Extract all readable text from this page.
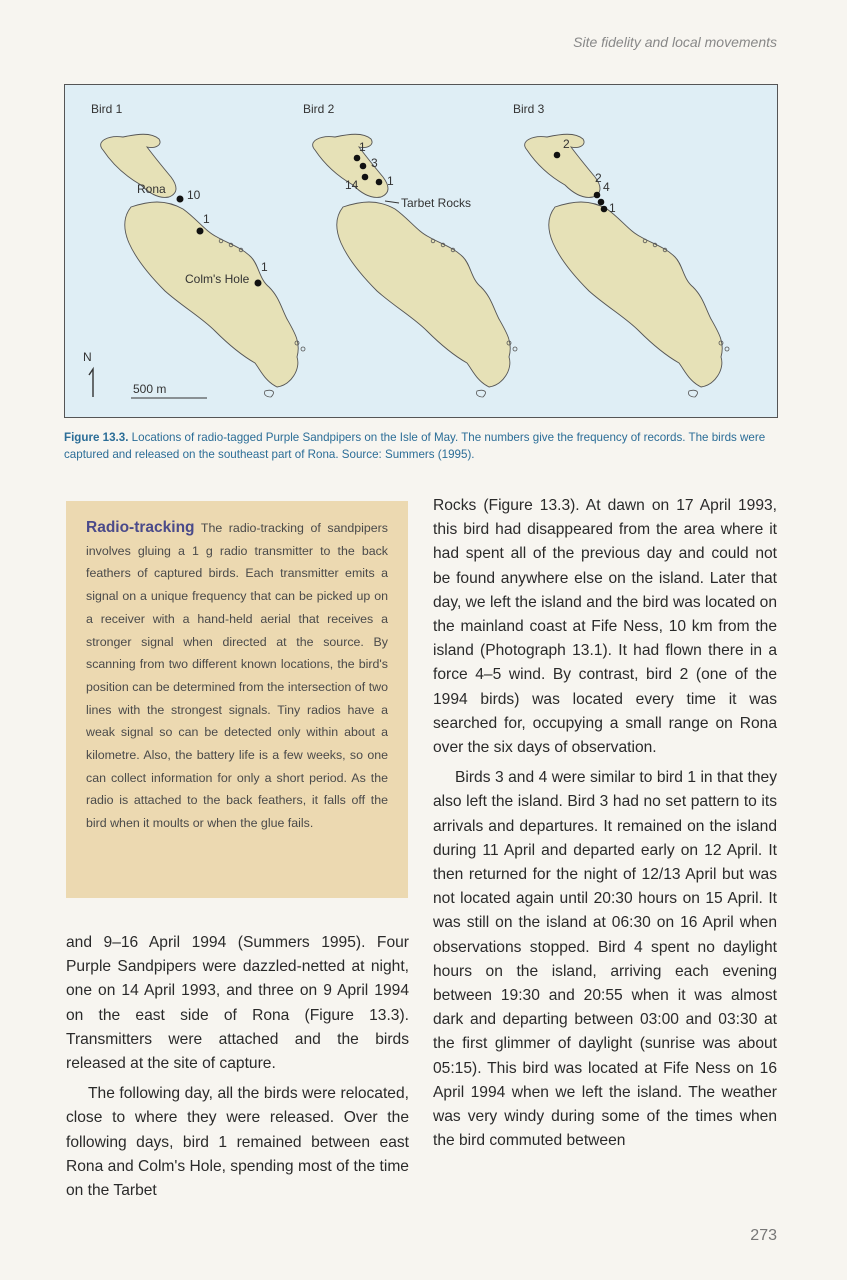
Site fidelity and local movements
Bird 1
Rona
Colm's Hole
10
1
1
N
500 m
Bird 2
1
3
14 1
Tarbet Rocks
Bird 3
2
2
4
1
Figure 13.3. Locations of radio-tagged Purple Sandpipers on the Isle of May. The numbers give the frequency of records. The birds were captured and released on the southeast part of Rona. Source: Summers (1995).
Radio-tracking The radio-tracking of sandpipers involves gluing a 1 g radio transmitter to the back feathers of captured birds. Each transmitter emits a signal on a unique frequency that can be picked up on a receiver with a hand-held aerial that receives a stronger signal when directed at the source. By scanning from two different known locations, the bird's position can be determined from the intersection of two lines with the strongest signals. Tiny radios have a weak signal so can be detected only within about a kilometre. Also, the battery life is a few weeks, so one can collect information for only a short period. As the radio is attached to the back feathers, it falls off the bird when it moults or when the glue fails.

and 9–16 April 1994 (Summers 1995). Four Purple Sandpipers were dazzled-netted at night, one on 14 April 1993, and three on 9 April 1994 on the east side of Rona (Figure 13.3). Transmitters were attached and the birds released at the site of capture.

The following day, all the birds were relocated, close to where they were released. Over the following days, bird 1 remained between east Rona and Colm's Hole, spending most of the time on the Tarbet

Rocks (Figure 13.3). At dawn on 17 April 1993, this bird had disappeared from the area where it had spent all of the previous day and could not be found anywhere else on the island. Later that day, we left the island and the bird was located on the mainland coast at Fife Ness, 10 km from the island (Photograph 13.1). It had flown there in a force 4–5 wind. By contrast, bird 2 (one of the 1994 birds) was located every time it was searched for, occupying a small range on Rona over the six days of observation.

Birds 3 and 4 were similar to bird 1 in that they also left the island. Bird 3 had no set pattern to its arrivals and departures. It remained on the island during 11 April and departed early on 12 April. It then returned for the night of 12/13 April but was not located again until 20:30 hours on 15 April. It was still on the island at 06:30 on 16 April when observations stopped. Bird 4 spent no daylight hours on the island, arriving each evening between 19:30 and 20:55 when it was almost dark and departing between 03:00 and 03:30 at the first glimmer of daylight (sunrise was about 05:15). This bird was located at Fife Ness on 16 April 1994 when we left the island. The weather was very windy during some of the times when the bird commuted between

273
